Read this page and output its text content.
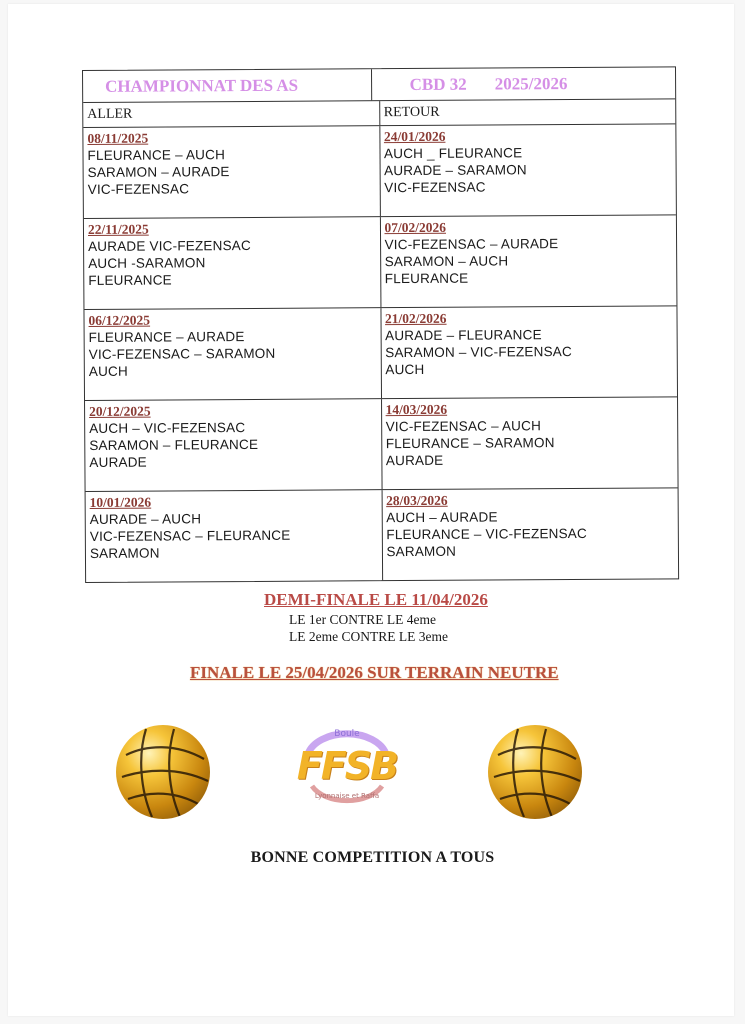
CHAMPIONNAT DES AS	CBD 32 2025/2026
ALLER	RETOUR
08/11/2025
FLEURANCE – AUCH
SARAMON – AURADE
VIC-FEZENSAC
24/01/2026
AUCH _ FLEURANCE
AURADE – SARAMON
VIC-FEZENSAC
22/11/2025
AURADE VIC-FEZENSAC
AUCH -SARAMON
FLEURANCE
07/02/2026
VIC-FEZENSAC – AURADE
SARAMON – AUCH
FLEURANCE
06/12/2025
FLEURANCE – AURADE
VIC-FEZENSAC – SARAMON
AUCH
21/02/2026
AURADE – FLEURANCE
SARAMON – VIC-FEZENSAC
AUCH
20/12/2025
AUCH – VIC-FEZENSAC
SARAMON – FLEURANCE
AURADE
14/03/2026
VIC-FEZENSAC – AUCH
FLEURANCE – SARAMON
AURADE
10/01/2026
AURADE – AUCH
VIC-FEZENSAC – FLEURANCE
SARAMON
28/03/2026
AUCH – AURADE
FLEURANCE – VIC-FEZENSAC
SARAMON
DEMI-FINALE LE 11/04/2026
LE 1er CONTRE LE 4eme
LE 2eme CONTRE LE 3eme
FINALE LE 25/04/2026 SUR TERRAIN NEUTRE
Boule
FFSB
Lyonnaise et Raffa
BONNE COMPETITION A TOUS
